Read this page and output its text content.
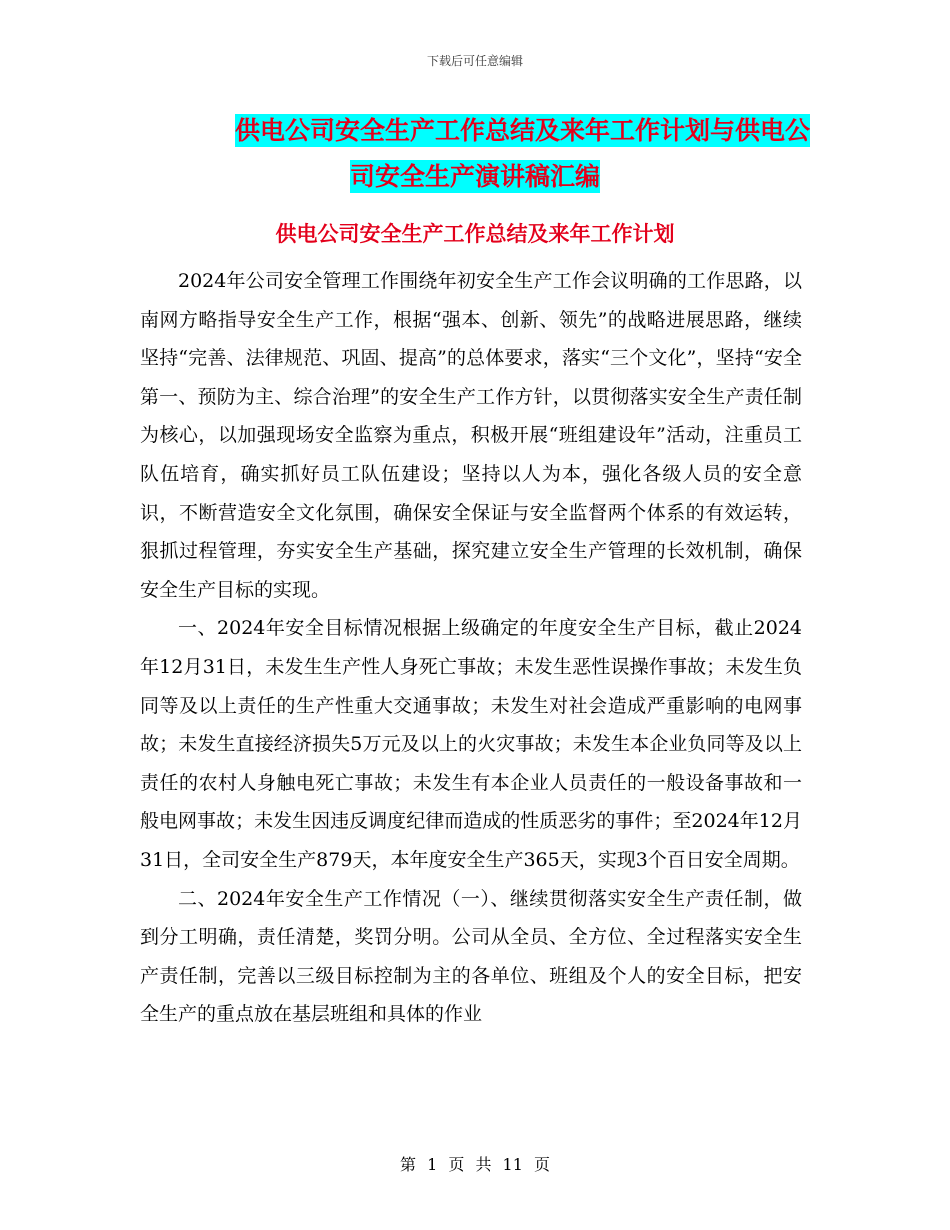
下载后可任意编辑
供电公司安全生产工作总结及来年工作计划与供电公
司安全生产演讲稿汇编
供电公司安全生产工作总结及来年工作计划

2024年公司安全管理工作围绕年初安全生产工作会议明确的工作思路，以南网方略指导安全生产工作，根据“强本、创新、领先”的战略进展思路，继续坚持“完善、法律规范、巩固、提高”的总体要求，落实“三个文化”，坚持“安全第一、预防为主、综合治理”的安全生产工作方针，以贯彻落实安全生产责任制为核心，以加强现场安全监察为重点，积极开展“班组建设年”活动，注重员工队伍培育，确实抓好员工队伍建设；坚持以人为本，强化各级人员的安全意识，不断营造安全文化氛围，确保安全保证与安全监督两个体系的有效运转，狠抓过程管理，夯实安全生产基础，探究建立安全生产管理的长效机制，确保安全生产目标的实现。

一、2024年安全目标情况根据上级确定的年度安全生产目标，截止2024年12月31日，未发生生产性人身死亡事故；未发生恶性误操作事故；未发生负同等及以上责任的生产性重大交通事故；未发生对社会造成严重影响的电网事故；未发生直接经济损失5万元及以上的火灾事故；未发生本企业负同等及以上责任的农村人身触电死亡事故；未发生有本企业人员责任的一般设备事故和一般电网事故；未发生因违反调度纪律而造成的性质恶劣的事件；至2024年12月31日，全司安全生产879天，本年度安全生产365天，实现3个百日安全周期。

二、2024年安全生产工作情况（一）、继续贯彻落实安全生产责任制，做到分工明确，责任清楚，奖罚分明。公司从全员、全方位、全过程落实安全生产责任制，完善以三级目标控制为主的各单位、班组及个人的安全目标，把安全生产的重点放在基层班组和具体的作业

第 1 页 共 11 页
